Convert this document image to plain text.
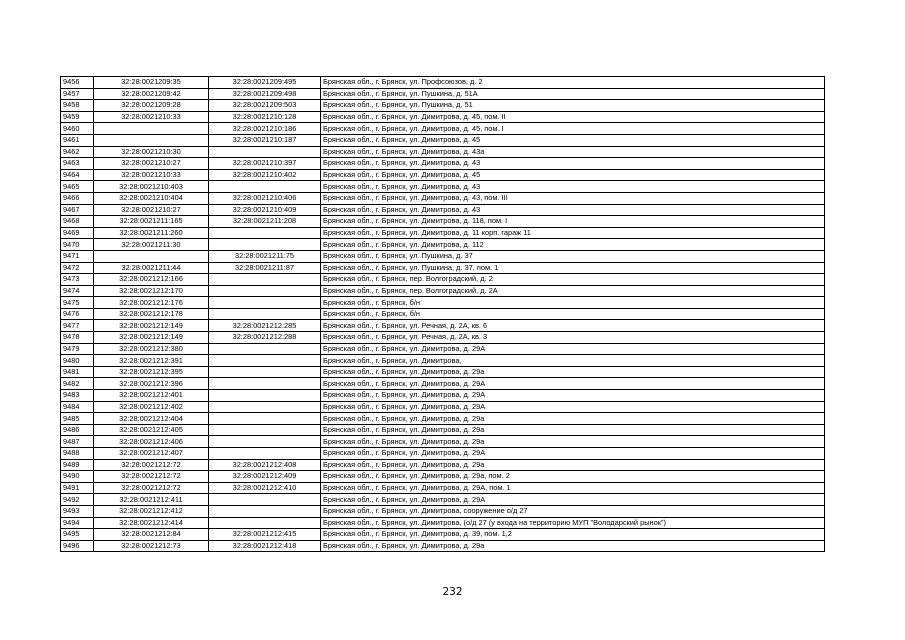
9456	32:28:0021209:35	32:28:0021209:495	Брянская обл., г. Брянск, ул. Профсоюзов, д. 2
9457	32:28:0021209:42	32:28:0021209:498	Брянская обл., г. Брянск, ул. Пушкина, д. 51А
9458	32:28:0021209:28	32:28:0021209:503	Брянская обл., г. Брянск, ул. Пушкина, д. 51
9459	32:28:0021210:33	32:28:0021210:128	Брянская обл., г. Брянск, ул. Димитрова, д. 45, пом. II
9460		32:28:0021210:186	Брянская обл., г. Брянск, ул. Димитрова, д. 45, пом. I
9461		32:28:0021210:187	Брянская обл., г. Брянск, ул. Димитрова, д. 45
9462	32:28:0021210:30		Брянская обл., г. Брянск, ул. Димитрова, д. 43а
9463	32:28:0021210:27	32:28:0021210:397	Брянская обл., г. Брянск, ул. Димитрова, д. 43
9464	32:28:0021210:33	32:28:0021210:402	Брянская обл., г. Брянск, ул. Димитрова, д. 45
9465	32:28:0021210:403		Брянская обл., г. Брянск, ул. Димитрова, д. 43
9466	32:28:0021210:404	32:28:0021210:406	Брянская обл., г. Брянск, ул. Димитрова, д. 43, пом. III
9467	32:28:0021210:27	32:28:0021210:409	Брянская обл., г. Брянск, ул. Димитрова, д. 43
9468	32:28:0021211:165	32:28:0021211:208	Брянская обл., г. Брянск, ул. Димитрова, д. 118, пом. I
9469	32:28:0021211:260		Брянская обл., г. Брянск, ул. Димитрова, д. 11 корп. гараж 11
9470	32:28:0021211:30		Брянская обл., г. Брянск, ул. Димитрова, д. 112
9471		32:28:0021211:75	Брянская обл., г. Брянск, ул. Пушкина, д. 37
9472	32:28:0021211:44	32:28:0021211:87	Брянская обл., г. Брянск, ул. Пушкина, д. 37, пом. 1
9473	32:28:0021212:166		Брянская обл., г. Брянск, пер. Волгоградский, д. 2
9474	32:28:0021212:170		Брянская обл., г. Брянск, пер. Волгоградский, д. 2А
9475	32:28:0021212:176		Брянская обл., г. Брянск, б/н
9476	32:28:0021212:178		Брянская обл., г. Брянск, б/н
9477	32:28:0021212:149	32:28:0021212:285	Брянская обл., г. Брянск, ул. Речная, д. 2А, кв. 6
9478	32:28:0021212:149	32:28:0021212:288	Брянская обл., г. Брянск, ул. Речная, д. 2А, кв. 3
9479	32:28:0021212:380		Брянская обл., г. Брянск, ул. Димитрова, д. 29А
9480	32:28:0021212:391		Брянская обл., г. Брянск, ул. Димитрова,
9481	32:28:0021212:395		Брянская обл., г. Брянск, ул. Димитрова, д. 29а
9482	32:28:0021212:396		Брянская обл., г. Брянск, ул. Димитрова, д. 29А
9483	32:28:0021212:401		Брянская обл., г. Брянск, ул. Димитрова, д. 29А
9484	32:28:0021212:402		Брянская обл., г. Брянск, ул. Димитрова, д. 29А
9485	32:28:0021212:404		Брянская обл., г. Брянск, ул. Димитрова, д. 29а
9486	32:28:0021212:405		Брянская обл., г. Брянск, ул. Димитрова, д. 29а
9487	32:28:0021212:406		Брянская обл., г. Брянск, ул. Димитрова, д. 29а
9488	32:28:0021212:407		Брянская обл., г. Брянск, ул. Димитрова, д. 29А
9489	32:28:0021212:72	32:28:0021212:408	Брянская обл., г. Брянск, ул. Димитрова, д. 29а
9490	32:28:0021212:72	32:28:0021212:409	Брянская обл., г. Брянск, ул. Димитрова, д. 29а, пом. 2
9491	32:28:0021212:72	32:28:0021212:410	Брянская обл., г. Брянск, ул. Димитрова, д. 29А, пом. 1
9492	32:28:0021212:411		Брянская обл., г. Брянск, ул. Димитрова, д. 29А
9493	32:28:0021212:412		Брянская обл., г. Брянск, ул. Димитрова, сооружение о/д 27
9494	32:28:0021212:414		Брянская обл., г. Брянск, ул. Димитрова, (о/д 27 (у входа на территорию МУП "Володарский рынок")
9495	32:28:0021212:84	32:28:0021212:415	Брянская обл., г. Брянск, ул. Димитрова, д. 39, пом. 1,2
9496	32:28:0021212:73	32:28:0021212:418	Брянская обл., г. Брянск, ул. Димитрова, д. 29а
232
